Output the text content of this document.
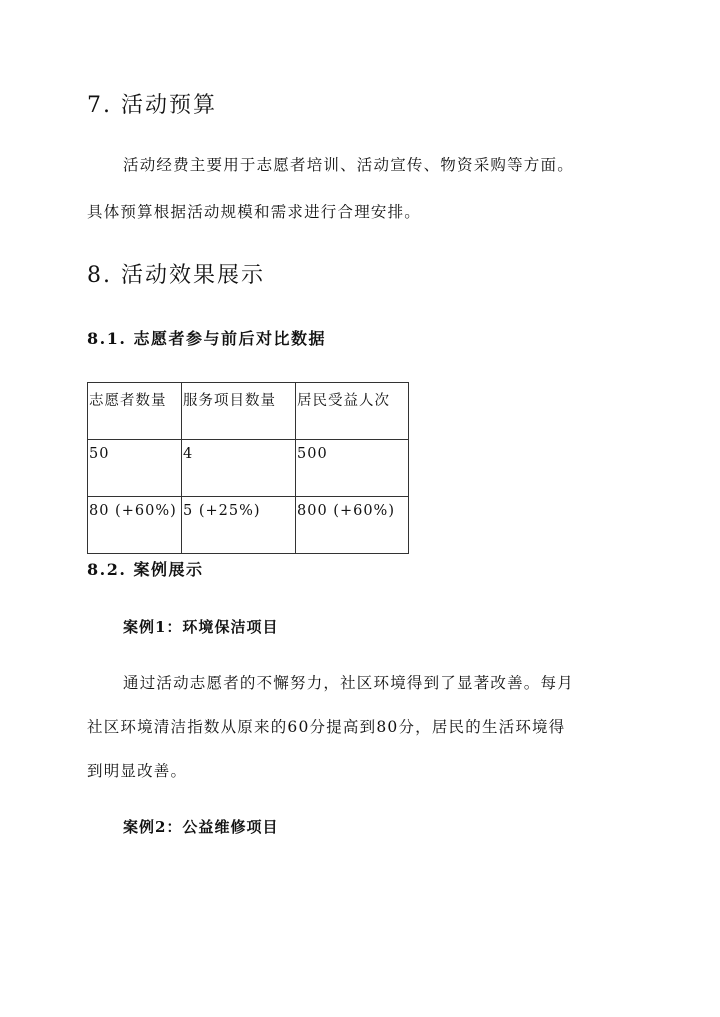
7. 活动预算
活动经费主要用于志愿者培训、活动宣传、物资采购等方面。
具体预算根据活动规模和需求进行合理安排。
8. 活动效果展示
8.1. 志愿者参与前后对比数据
志愿者数量	服务项目数量	居民受益人次
50	4	500
80 (+60%)	5 (+25%)	800 (+60%)
8.2. 案例展示
案例1：环境保洁项目
通过活动志愿者的不懈努力，社区环境得到了显著改善。每月
社区环境清洁指数从原来的60分提高到80分，居民的生活环境得
到明显改善。
案例2：公益维修项目
